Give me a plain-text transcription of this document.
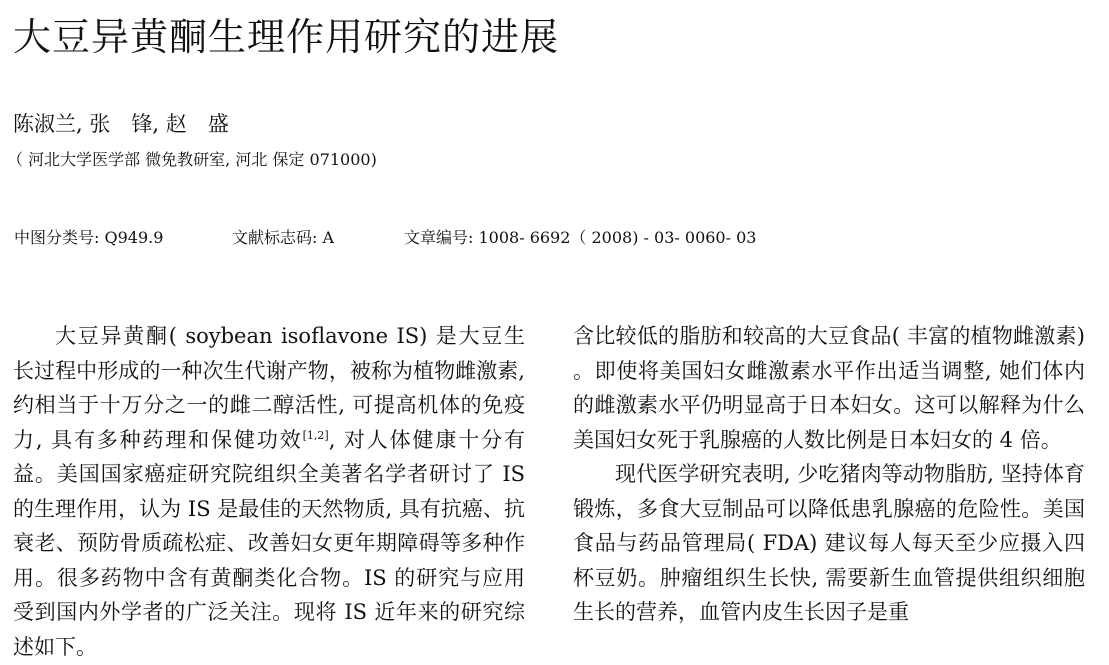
大豆异黄酮生理作用研究的进展
陈淑兰, 张　锋, 赵　盛
（ 河北大学医学部 微免教研室, 河北 保定 071000)
中图分类号: Q949.9	文献标志码: A	文章编号: 1008- 6692（ 2008) - 03- 0060- 03

大豆异黄酮( soybean isoflavone IS) 是大豆生长过程中形成的一种次生代谢产物，被称为植物雌激素, 约相当于十万分之一的雌二醇活性, 可提高机体的免疫力, 具有多种药理和保健功效[1,2], 对人体健康十分有益。美国国家癌症研究院组织全美著名学者研讨了 IS 的生理作用，认为 IS 是最佳的天然物质, 具有抗癌、抗衰老、预防骨质疏松症、改善妇女更年期障碍等多种作用。很多药物中含有黄酮类化合物。IS 的研究与应用受到国内外学者的广泛关注。现将 IS 近年来的研究综述如下。

含比较低的脂肪和较高的大豆食品( 丰富的植物雌激素) 。即使将美国妇女雌激素水平作出适当调整, 她们体内的雌激素水平仍明显高于日本妇女。这可以解释为什么美国妇女死于乳腺癌的人数比例是日本妇女的 4 倍。

现代医学研究表明, 少吃猪肉等动物脂肪, 坚持体育锻炼，多食大豆制品可以降低患乳腺癌的危险性。美国食品与药品管理局( FDA) 建议每人每天至少应摄入四杯豆奶。肿瘤组织生长快, 需要新生血管提供组织细胞生长的营养，血管内皮生长因子是重
